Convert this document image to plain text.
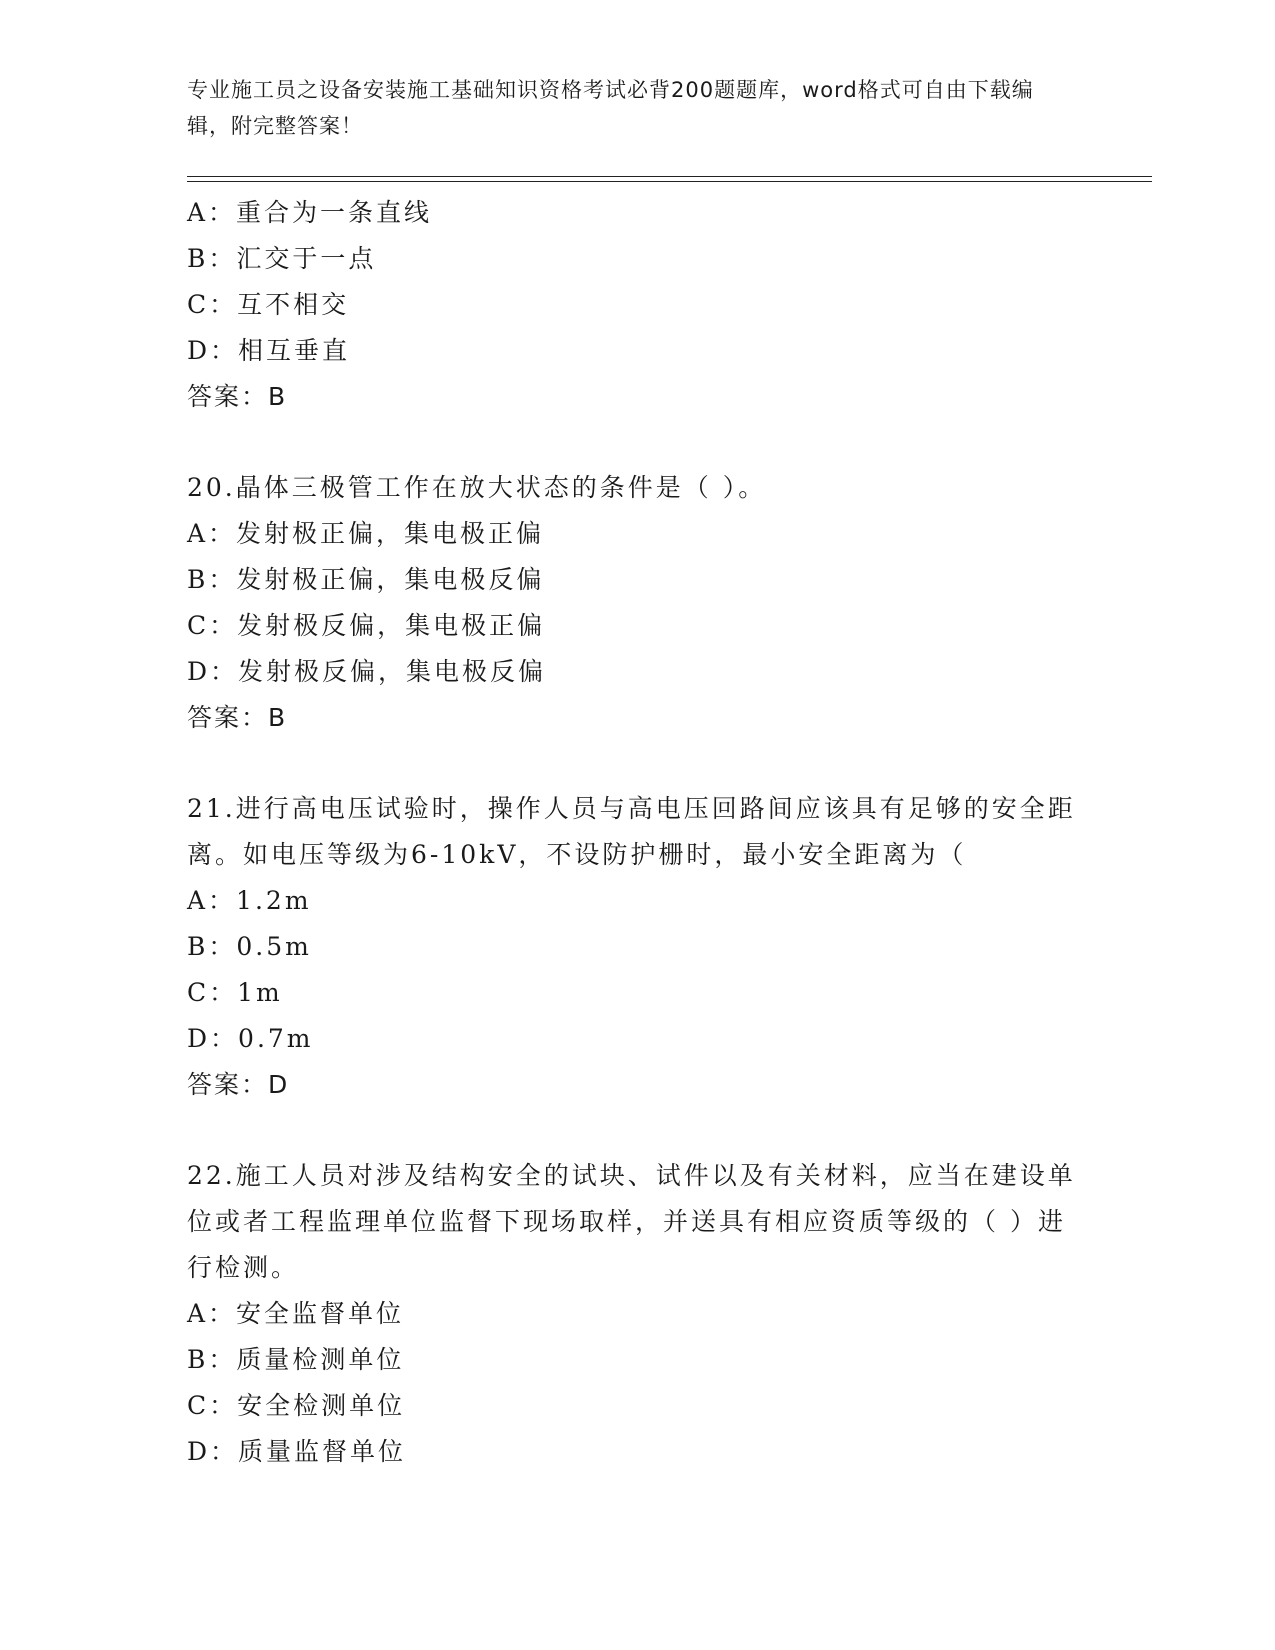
专业施工员之设备安装施工基础知识资格考试必背200题题库，word格式可自由下载编辑，附完整答案！
A：重合为一条直线
B：汇交于一点
C：互不相交
D：相互垂直
答案：B
20.晶体三极管工作在放大状态的条件是（ ）。
A：发射极正偏，集电极正偏
B：发射极正偏，集电极反偏
C：发射极反偏，集电极正偏
D：发射极反偏，集电极反偏
答案：B
21.进行高电压试验时，操作人员与高电压回路间应该具有足够的安全距离。如电压等级为6-10kV，不设防护栅时，最小安全距离为（
A：1.2m
B：0.5m
C：1m
D：0.7m
答案：D
22.施工人员对涉及结构安全的试块、试件以及有关材料，应当在建设单位或者工程监理单位监督下现场取样，并送具有相应资质等级的（ ）进行检测。
A：安全监督单位
B：质量检测单位
C：安全检测单位
D：质量监督单位
